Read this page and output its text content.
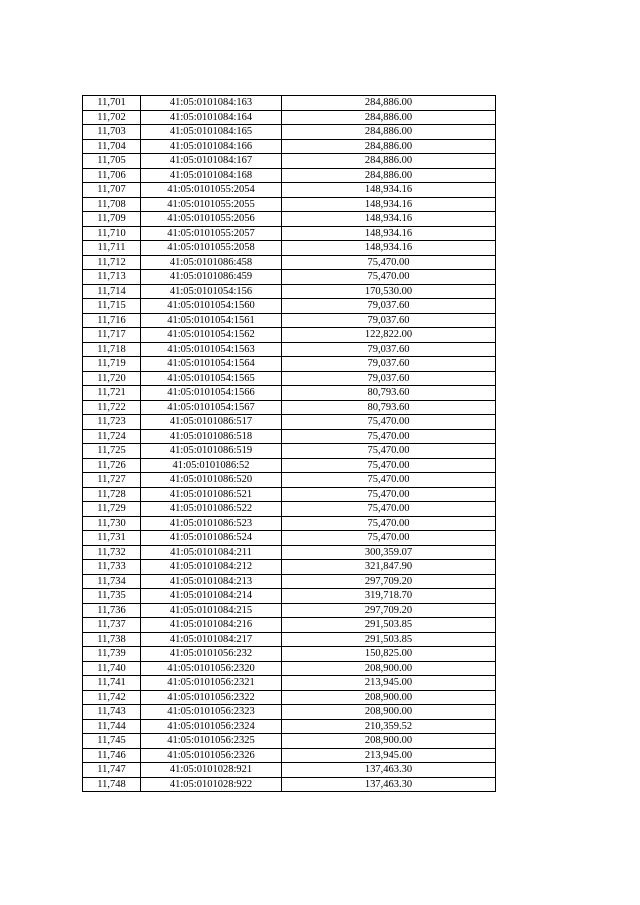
11,701	41:05:0101084:163	284,886.00
11,702	41:05:0101084:164	284,886.00
11,703	41:05:0101084:165	284,886.00
11,704	41:05:0101084:166	284,886.00
11,705	41:05:0101084:167	284,886.00
11,706	41:05:0101084:168	284,886.00
11,707	41:05:0101055:2054	148,934.16
11,708	41:05:0101055:2055	148,934.16
11,709	41:05:0101055:2056	148,934.16
11,710	41:05:0101055:2057	148,934.16
11,711	41:05:0101055:2058	148,934.16
11,712	41:05:0101086:458	75,470.00
11,713	41:05:0101086:459	75,470.00
11,714	41:05:0101054:156	170,530.00
11,715	41:05:0101054:1560	79,037.60
11,716	41:05:0101054:1561	79,037.60
11,717	41:05:0101054:1562	122,822.00
11,718	41:05:0101054:1563	79,037.60
11,719	41:05:0101054:1564	79,037.60
11,720	41:05:0101054:1565	79,037.60
11,721	41:05:0101054:1566	80,793.60
11,722	41:05:0101054:1567	80,793.60
11,723	41:05:0101086:517	75,470.00
11,724	41:05:0101086:518	75,470.00
11,725	41:05:0101086:519	75,470.00
11,726	41:05:0101086:52	75,470.00
11,727	41:05:0101086:520	75,470.00
11,728	41:05:0101086:521	75,470.00
11,729	41:05:0101086:522	75,470.00
11,730	41:05:0101086:523	75,470.00
11,731	41:05:0101086:524	75,470.00
11,732	41:05:0101084:211	300,359.07
11,733	41:05:0101084:212	321,847.90
11,734	41:05:0101084:213	297,709.20
11,735	41:05:0101084:214	319,718.70
11,736	41:05:0101084:215	297,709.20
11,737	41:05:0101084:216	291,503.85
11,738	41:05:0101084:217	291,503.85
11,739	41:05:0101056:232	150,825.00
11,740	41:05:0101056:2320	208,900.00
11,741	41:05:0101056:2321	213,945.00
11,742	41:05:0101056:2322	208,900.00
11,743	41:05:0101056:2323	208,900.00
11,744	41:05:0101056:2324	210,359.52
11,745	41:05:0101056:2325	208,900.00
11,746	41:05:0101056:2326	213,945.00
11,747	41:05:0101028:921	137,463.30
11,748	41:05:0101028:922	137,463.30
